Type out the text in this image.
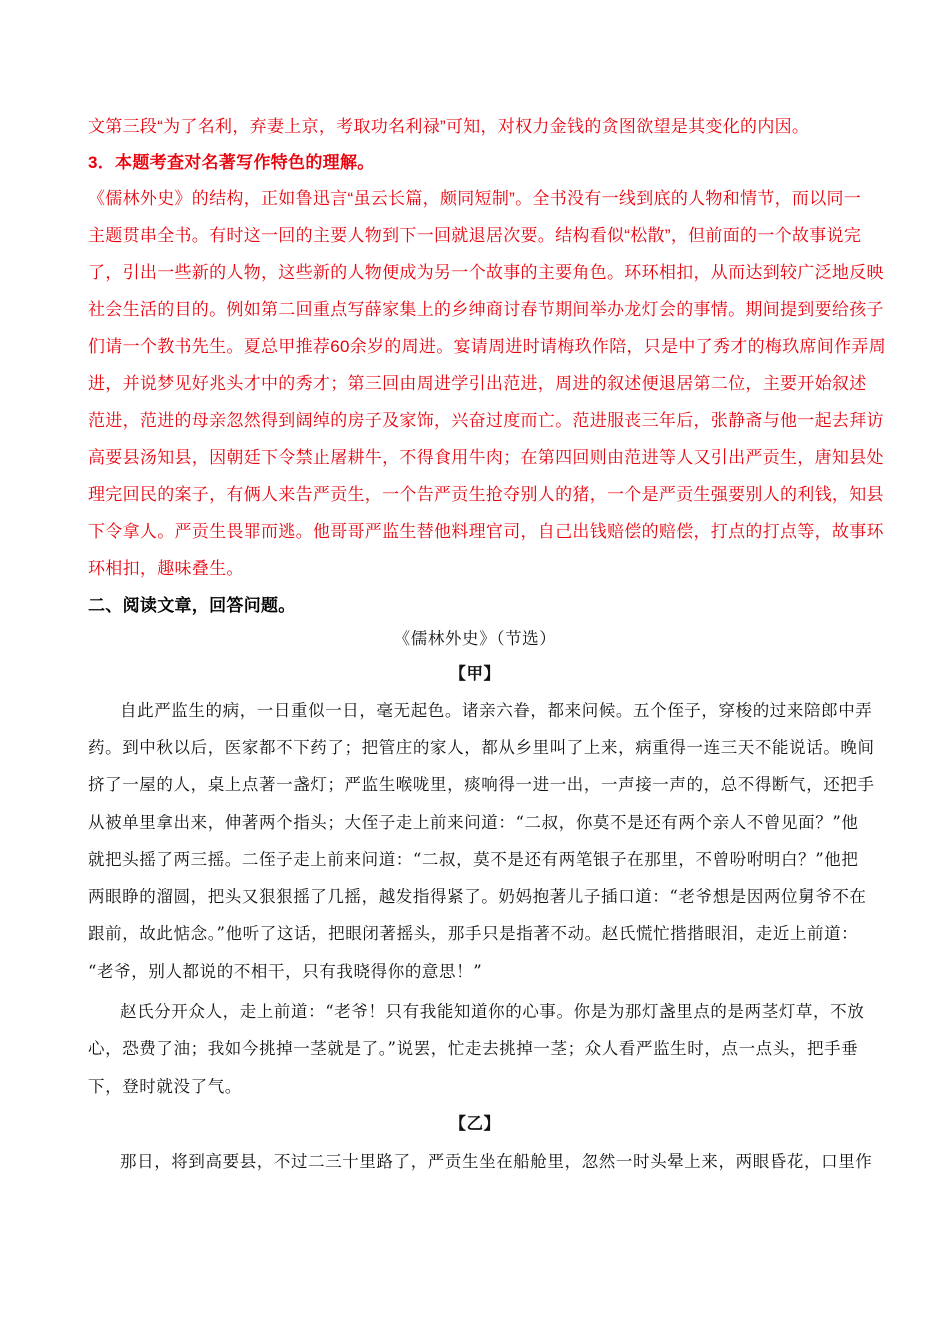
文第三段“为了名利，弃妻上京，考取功名利禄”可知，对权力金钱的贪图欲望是其变化的内因。
3．本题考查对名著写作特色的理解。
《儒林外史》的结构，正如鲁迅言“虽云长篇，颇同短制”。全书没有一线到底的人物和情节，而以同一
主题贯串全书。有时这一回的主要人物到下一回就退居次要。结构看似“松散”，但前面的一个故事说完
了，引出一些新的人物，这些新的人物便成为另一个故事的主要角色。环环相扣，从而达到较广泛地反映
社会生活的目的。例如第二回重点写薛家集上的乡绅商讨春节期间举办龙灯会的事情。期间提到要给孩子
们请一个教书先生。夏总甲推荐60余岁的周进。宴请周进时请梅玖作陪，只是中了秀才的梅玖席间作弄周
进，并说梦见好兆头才中的秀才；第三回由周进学引出范进，周进的叙述便退居第二位，主要开始叙述
范进，范进的母亲忽然得到阔绰的房子及家饰，兴奋过度而亡。范进服丧三年后，张静斋与他一起去拜访
高要县汤知县，因朝廷下令禁止屠耕牛，不得食用牛肉；在第四回则由范进等人又引出严贡生，唐知县处
理完回民的案子，有俩人来告严贡生，一个告严贡生抢夺别人的猪，一个是严贡生强要别人的利钱，知县
下令拿人。严贡生畏罪而逃。他哥哥严监生替他料理官司，自己出钱赔偿的赔偿，打点的打点等，故事环
环相扣，趣味叠生。
二、阅读文章，回答问题。
《儒林外史》（节选）
【甲】
自此严监生的病，一日重似一日，毫无起色。诸亲六眷，都来问候。五个侄子，穿梭的过来陪郎中弄
药。到中秋以后，医家都不下药了；把管庄的家人，都从乡里叫了上来，病重得一连三天不能说话。晚间
挤了一屋的人，桌上点著一盏灯；严监生喉咙里，痰响得一进一出，一声接一声的，总不得断气，还把手
从被单里拿出来，伸著两个指头；大侄子走上前来问道：“二叔，你莫不是还有两个亲人不曾见面？”他
就把头摇了两三摇。二侄子走上前来问道：“二叔，莫不是还有两笔银子在那里，不曾吩咐明白？”他把
两眼睁的溜圆，把头又狠狠摇了几摇，越发指得紧了。奶妈抱著儿子插口道：“老爷想是因两位舅爷不在
跟前，故此惦念。”他听了这话，把眼闭著摇头，那手只是指著不动。赵氏慌忙揩揩眼泪，走近上前道：
“老爷，别人都说的不相干，只有我晓得你的意思！”
赵氏分开众人，走上前道：“老爷！只有我能知道你的心事。你是为那灯盏里点的是两茎灯草，不放
心，恐费了油；我如今挑掉一茎就是了。”说罢，忙走去挑掉一茎；众人看严监生时，点一点头，把手垂
下，登时就没了气。
【乙】
那日，将到高要县，不过二三十里路了，严贡生坐在船舱里，忽然一时头晕上来，两眼昏花，口里作
